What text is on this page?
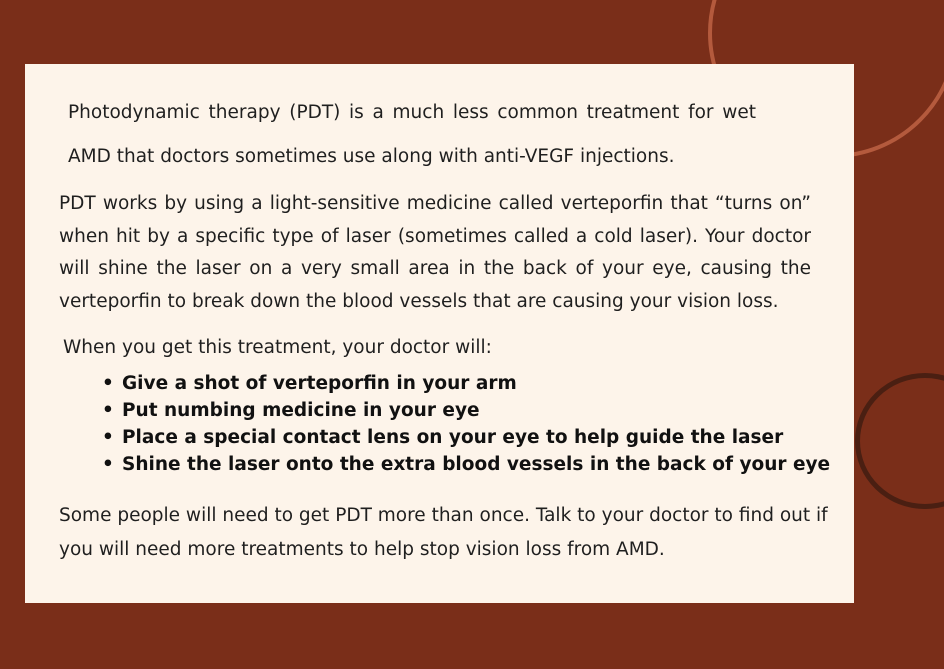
Photodynamic therapy (PDT) is a much less common treatment for wet

AMD that doctors sometimes use along with anti-VEGF injections.

PDT works by using a light-sensitive medicine called verteporfin that “turns on” when hit by a specific type of laser (sometimes called a cold laser). Your doctor will shine the laser on a very small area in the back of your eye, causing the verteporfin to break down the blood vessels that are causing your vision loss.

When you get this treatment, your doctor will:

• Give a shot of verteporfin in your arm
• Put numbing medicine in your eye
• Place a special contact lens on your eye to help guide the laser
• Shine the laser onto the extra blood vessels in the back of your eye

Some people will need to get PDT more than once. Talk to your doctor to find out if you will need more treatments to help stop vision loss from AMD.
